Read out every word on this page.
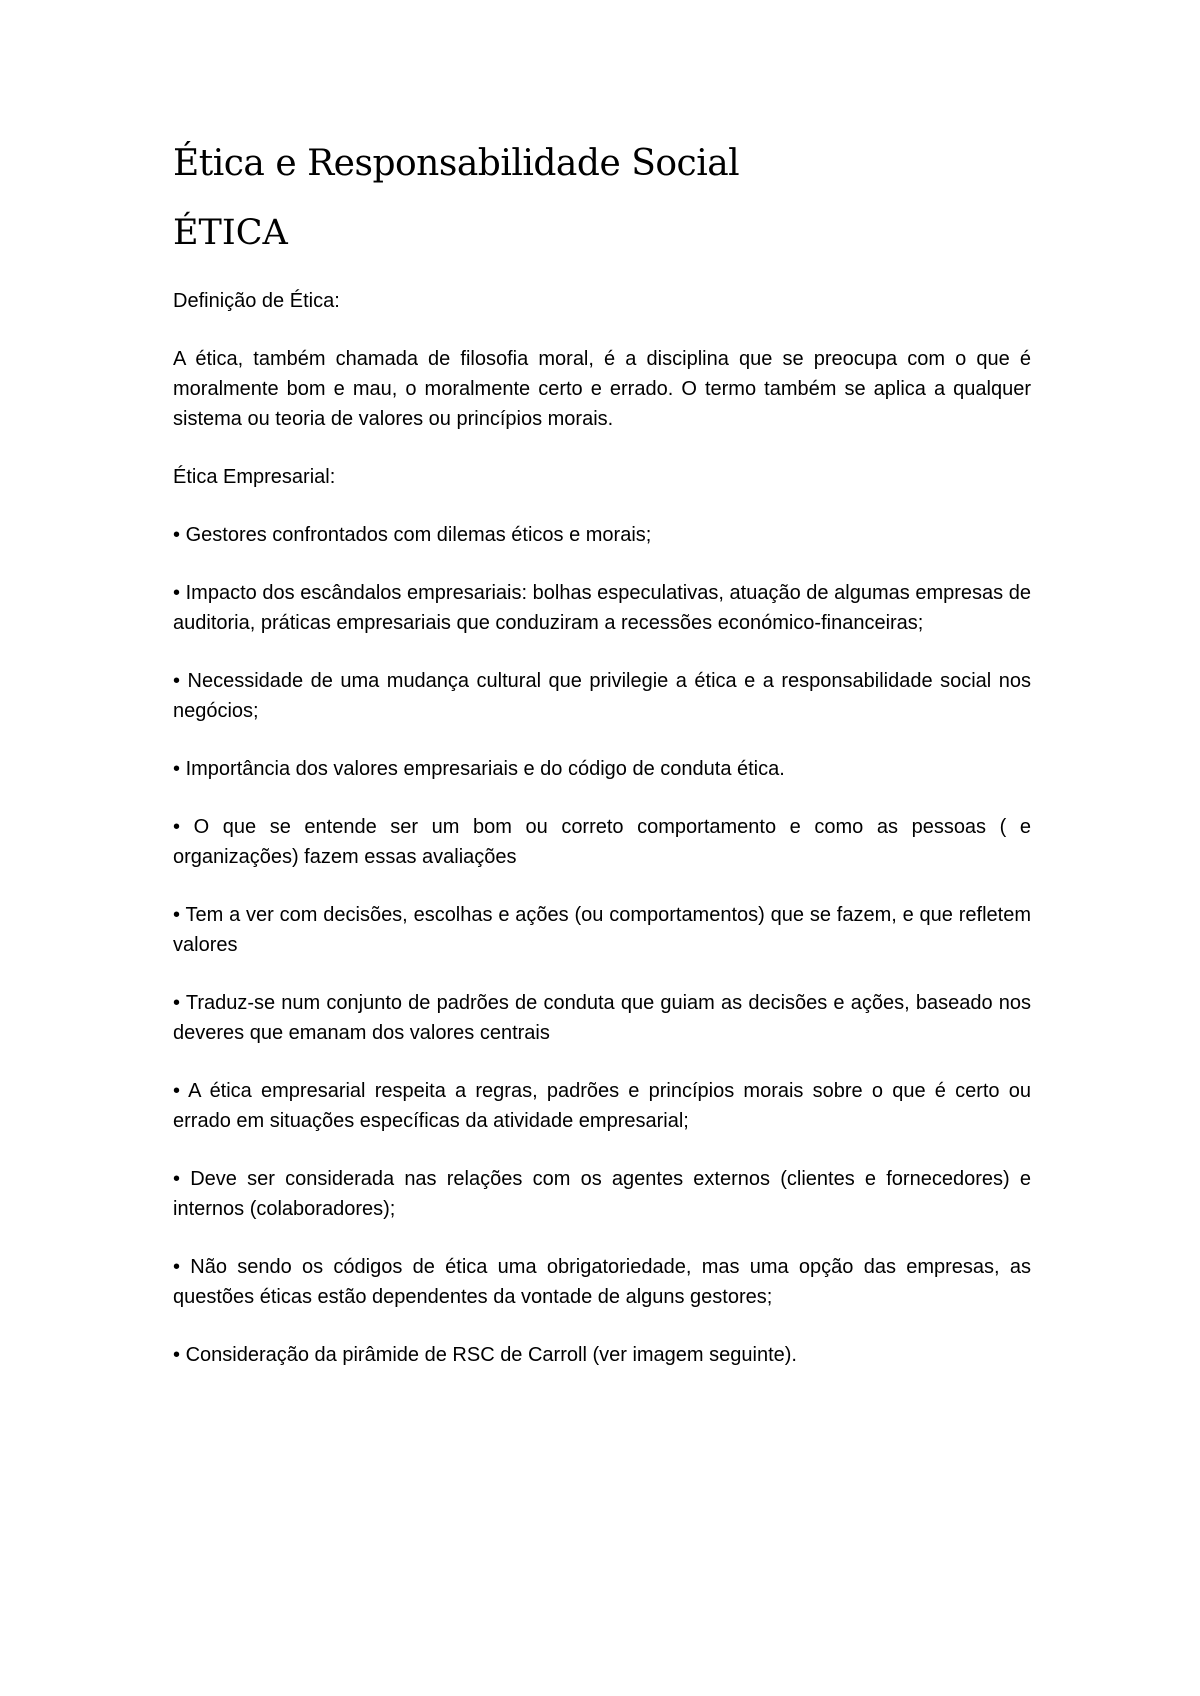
Ética e Responsabilidade Social
ÉTICA

Definição de Ética:

A ética, também chamada de filosofia moral, é a disciplina que se preocupa com o que é moralmente bom e mau, o moralmente certo e errado. O termo também se aplica a qualquer sistema ou teoria de valores ou princípios morais.

Ética Empresarial:

• Gestores confrontados com dilemas éticos e morais;
• Impacto dos escândalos empresariais: bolhas especulativas, atuação de algumas empresas de auditoria, práticas empresariais que conduziram a recessões económico-financeiras;
• Necessidade de uma mudança cultural que privilegie a ética e a responsabilidade social nos negócios;
• Importância dos valores empresariais e do código de conduta ética.
• O que se entende ser um bom ou correto comportamento e como as pessoas ( e organizações) fazem essas avaliações
• Tem a ver com decisões, escolhas e ações (ou comportamentos) que se fazem, e que refletem valores
• Traduz-se num conjunto de padrões de conduta que guiam as decisões e ações, baseado nos deveres que emanam dos valores centrais
• A ética empresarial respeita a regras, padrões e princípios morais sobre o que é certo ou errado em situações específicas da atividade empresarial;
• Deve ser considerada nas relações com os agentes externos (clientes e fornecedores) e internos (colaboradores);
• Não sendo os códigos de ética uma obrigatoriedade, mas uma opção das empresas, as questões éticas estão dependentes da vontade de alguns gestores;
• Consideração da pirâmide de RSC de Carroll (ver imagem seguinte).
